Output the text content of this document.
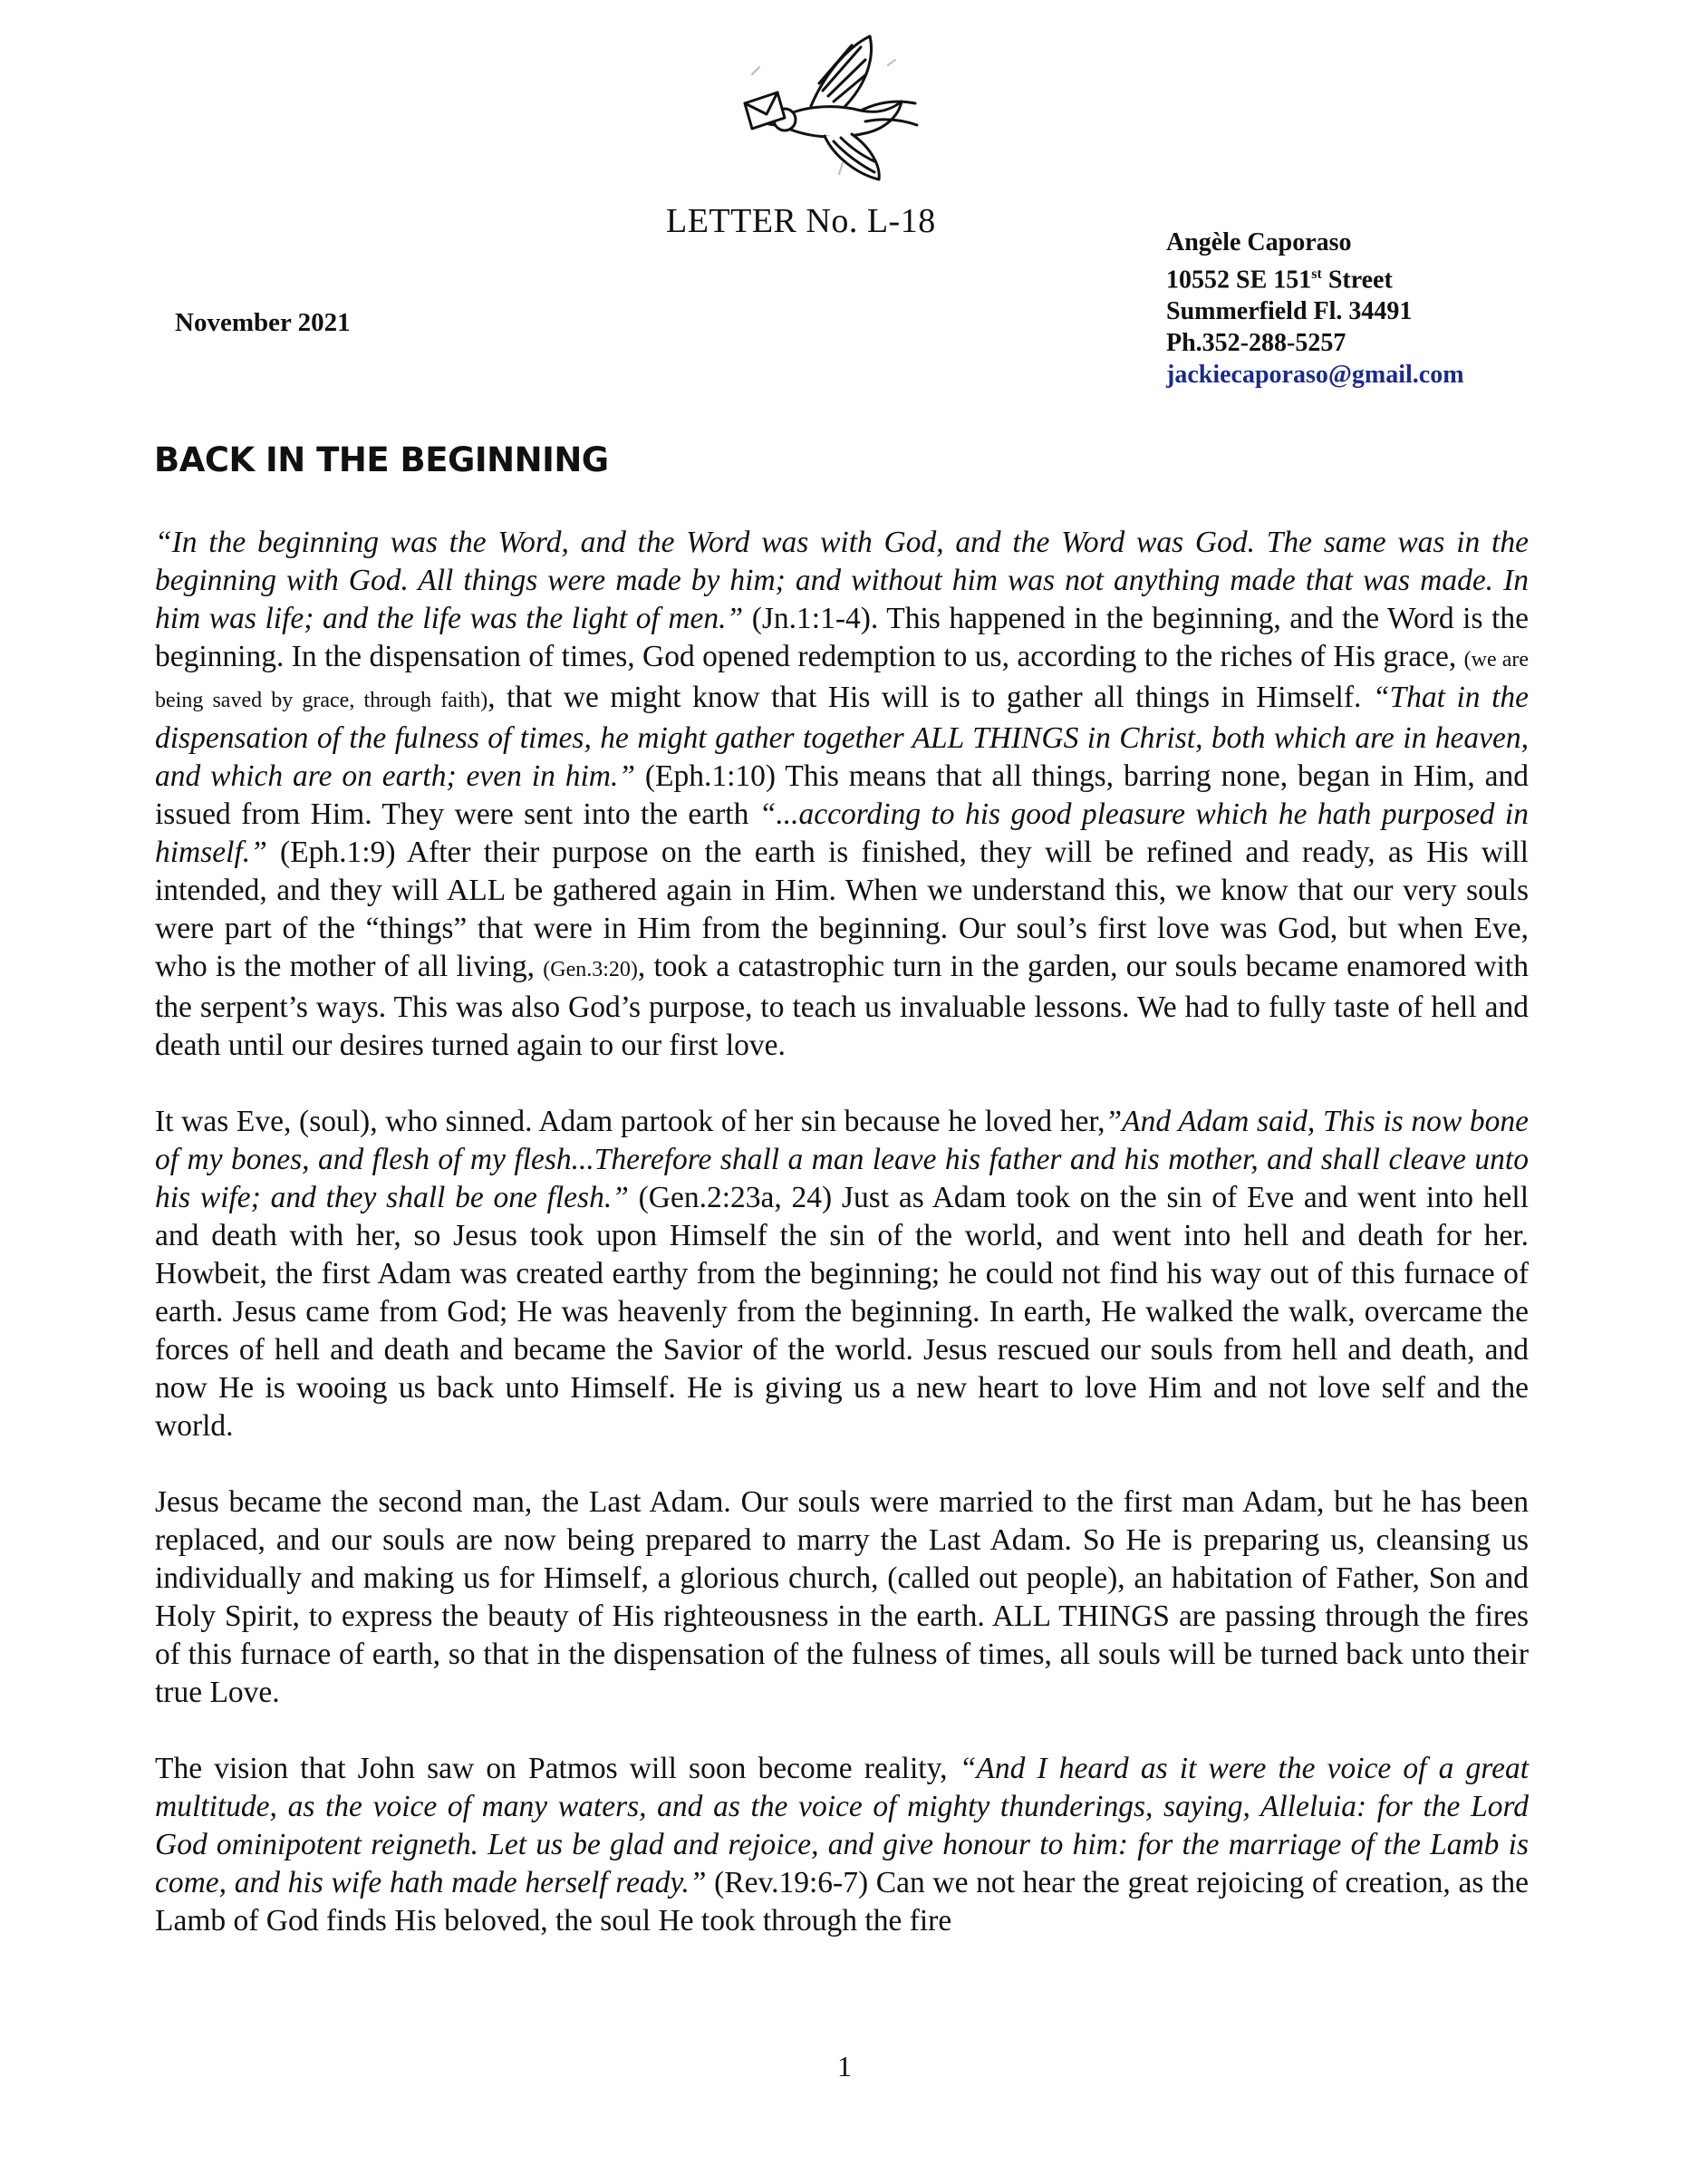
LETTER No. L-18
November 2021
Angèle Caporaso
10552 SE 151st Street
Summerfield Fl. 34491
Ph.352-288-5257
jackiecaporaso@gmail.com
BACK IN THE BEGINNING

“In the beginning was the Word, and the Word was with God, and the Word was God. The same was in the beginning with God. All things were made by him; and without him was not anything made that was made. In him was life; and the life was the light of men.” (Jn.1:1-4). This happened in the beginning, and the Word is the beginning. In the dispensation of times, God opened redemption to us, according to the riches of His grace, (we are being saved by grace, through faith), that we might know that His will is to gather all things in Himself. “That in the dispensation of the fulness of times, he might gather together ALL THINGS in Christ, both which are in heaven, and which are on earth; even in him.” (Eph.1:10) This means that all things, barring none, began in Him, and issued from Him. They were sent into the earth “...according to his good pleasure which he hath purposed in himself.” (Eph.1:9) After their purpose on the earth is finished, they will be refined and ready, as His will intended, and they will ALL be gathered again in Him. When we understand this, we know that our very souls were part of the “things” that were in Him from the beginning. Our soul’s first love was God, but when Eve, who is the mother of all living, (Gen.3:20), took a catastrophic turn in the garden, our souls became enamored with the serpent’s ways. This was also God’s purpose, to teach us invaluable lessons. We had to fully taste of hell and death until our desires turned again to our first love.

It was Eve, (soul), who sinned. Adam partook of her sin because he loved her,”And Adam said, This is now bone of my bones, and flesh of my flesh...Therefore shall a man leave his father and his mother, and shall cleave unto his wife; and they shall be one flesh.” (Gen.2:23a, 24) Just as Adam took on the sin of Eve and went into hell and death with her, so Jesus took upon Himself the sin of the world, and went into hell and death for her. Howbeit, the first Adam was created earthy from the beginning; he could not find his way out of this furnace of earth. Jesus came from God; He was heavenly from the beginning. In earth, He walked the walk, overcame the forces of hell and death and became the Savior of the world. Jesus rescued our souls from hell and death, and now He is wooing us back unto Himself. He is giving us a new heart to love Him and not love self and the world.

Jesus became the second man, the Last Adam. Our souls were married to the first man Adam, but he has been replaced, and our souls are now being prepared to marry the Last Adam. So He is preparing us, cleansing us individually and making us for Himself, a glorious church, (called out people), an habitation of Father, Son and Holy Spirit, to express the beauty of His righteousness in the earth. ALL THINGS are passing through the fires of this furnace of earth, so that in the dispensation of the fulness of times, all souls will be turned back unto their true Love.

The vision that John saw on Patmos will soon become reality, “And I heard as it were the voice of a great multitude, as the voice of many waters, and as the voice of mighty thunderings, saying, Alleluia: for the Lord God ominipotent reigneth. Let us be glad and rejoice, and give honour to him: for the marriage of the Lamb is come, and his wife hath made herself ready.” (Rev.19:6-7) Can we not hear the great rejoicing of creation, as the Lamb of God finds His beloved, the soul He took through the fire

1
